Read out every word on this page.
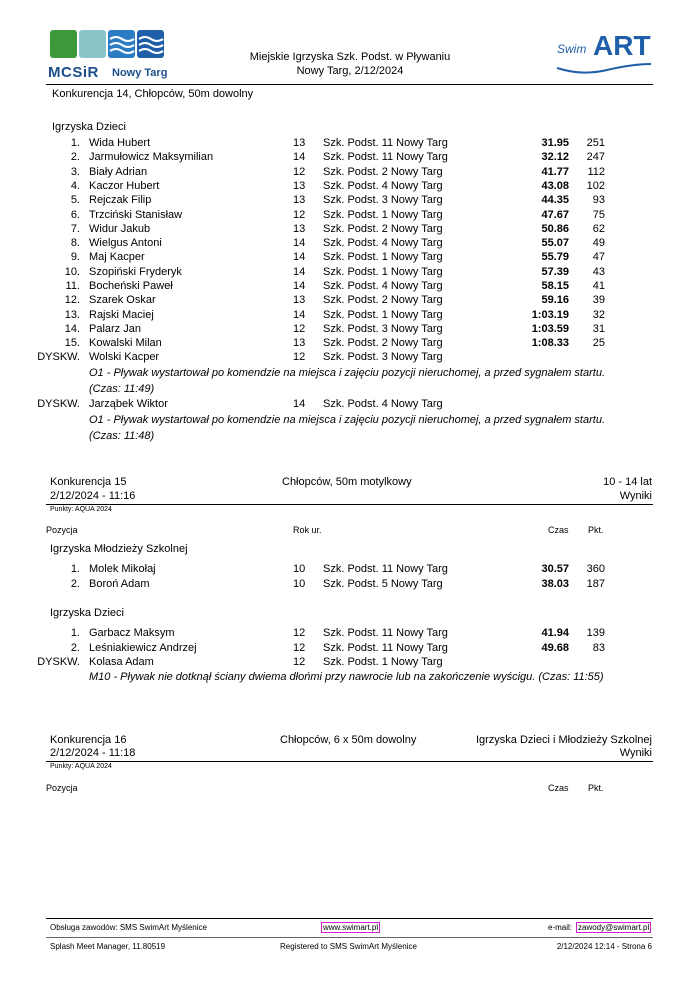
MCSiR Nowy Targ
Miejskie Igrzyska Szk. Podst. w Pływaniu
Nowy Targ, 2/12/2024
Swim ART
Konkurencja 14, Chłopców, 50m dowolny
Igrzyska Dzieci
1. Wida Hubert	13 Szk. Podst. 11 Nowy Targ	31.95	251
2. Jarmułowicz Maksymilian	14 Szk. Podst. 11 Nowy Targ	32.12	247
3. Biały Adrian	12 Szk. Podst. 2 Nowy Targ	41.77	112
4. Kaczor Hubert	13 Szk. Podst. 4 Nowy Targ	43.08	102
5. Rejczak Filip	13 Szk. Podst. 3 Nowy Targ	44.35	93
6. Trzciński Stanisław	12 Szk. Podst. 1 Nowy Targ	47.67	75
7. Widur Jakub	13 Szk. Podst. 2 Nowy Targ	50.86	62
8. Wielgus Antoni	14 Szk. Podst. 4 Nowy Targ	55.07	49
9. Maj Kacper	14 Szk. Podst. 1 Nowy Targ	55.79	47
10. Szopiński Fryderyk	14 Szk. Podst. 1 Nowy Targ	57.39	43
11. Bocheński Paweł	14 Szk. Podst. 4 Nowy Targ	58.15	41
12. Szarek Oskar	13 Szk. Podst. 2 Nowy Targ	59.16	39
13. Rajski Maciej	14 Szk. Podst. 1 Nowy Targ	1:03.19	32
14. Palarz Jan	12 Szk. Podst. 3 Nowy Targ	1:03.59	31
15. Kowalski Milan	13 Szk. Podst. 2 Nowy Targ	1:08.33	25
DYSKW. Wolski Kacper	12 Szk. Podst. 3 Nowy Targ
O1 - Pływak wystartował po komendzie na miejsca i zajęciu pozycji nieruchomej, a przed sygnałem startu. (Czas: 11:49)
DYSKW. Jarząbek Wiktor	14 Szk. Podst. 4 Nowy Targ
O1 - Pływak wystartował po komendzie na miejsca i zajęciu pozycji nieruchomej, a przed sygnałem startu. (Czas: 11:48)
Konkurencja 15
2/12/2024 - 11:16
Chłopców, 50m motylkowy	10 - 14 lat
Wyniki
Punkty: AQUA 2024
Pozycja	Rok ur.	Czas Pkt.
Igrzyska Młodzieży Szkolnej
Igrzyska Dzieci
1. Molek Mikołaj	10 Szk. Podst. 11 Nowy Targ	30.57	360
2. Boroń Adam	10 Szk. Podst. 5 Nowy Targ	38.03	187
1. Garbacz Maksym	12 Szk. Podst. 11 Nowy Targ	41.94	139
2. Leśniakiewicz Andrzej	12 Szk. Podst. 11 Nowy Targ	49.68	83
DYSKW. Kolasa Adam	12 Szk. Podst. 1 Nowy Targ
M10 - Pływak nie dotknął ściany dwiema dłońmi przy nawrocie lub na zakończenie wyścigu. (Czas: 11:55)
Konkurencja 16
2/12/2024 - 11:18
Chłopców, 6 x 50m dowolny	Igrzyska Dzieci i Młodzieży Szkolnej
Wyniki
Punkty: AQUA 2024
Pozycja	Czas Pkt.
Obsługa zawodów: SMS SwimArt Myślenice	www.swimart.pl	e-mail: zawody@swimart.pl
Splash Meet Manager, 11.80519	Registered to SMS SwimArt Myślenice	2/12/2024 12:14 - Strona 6
